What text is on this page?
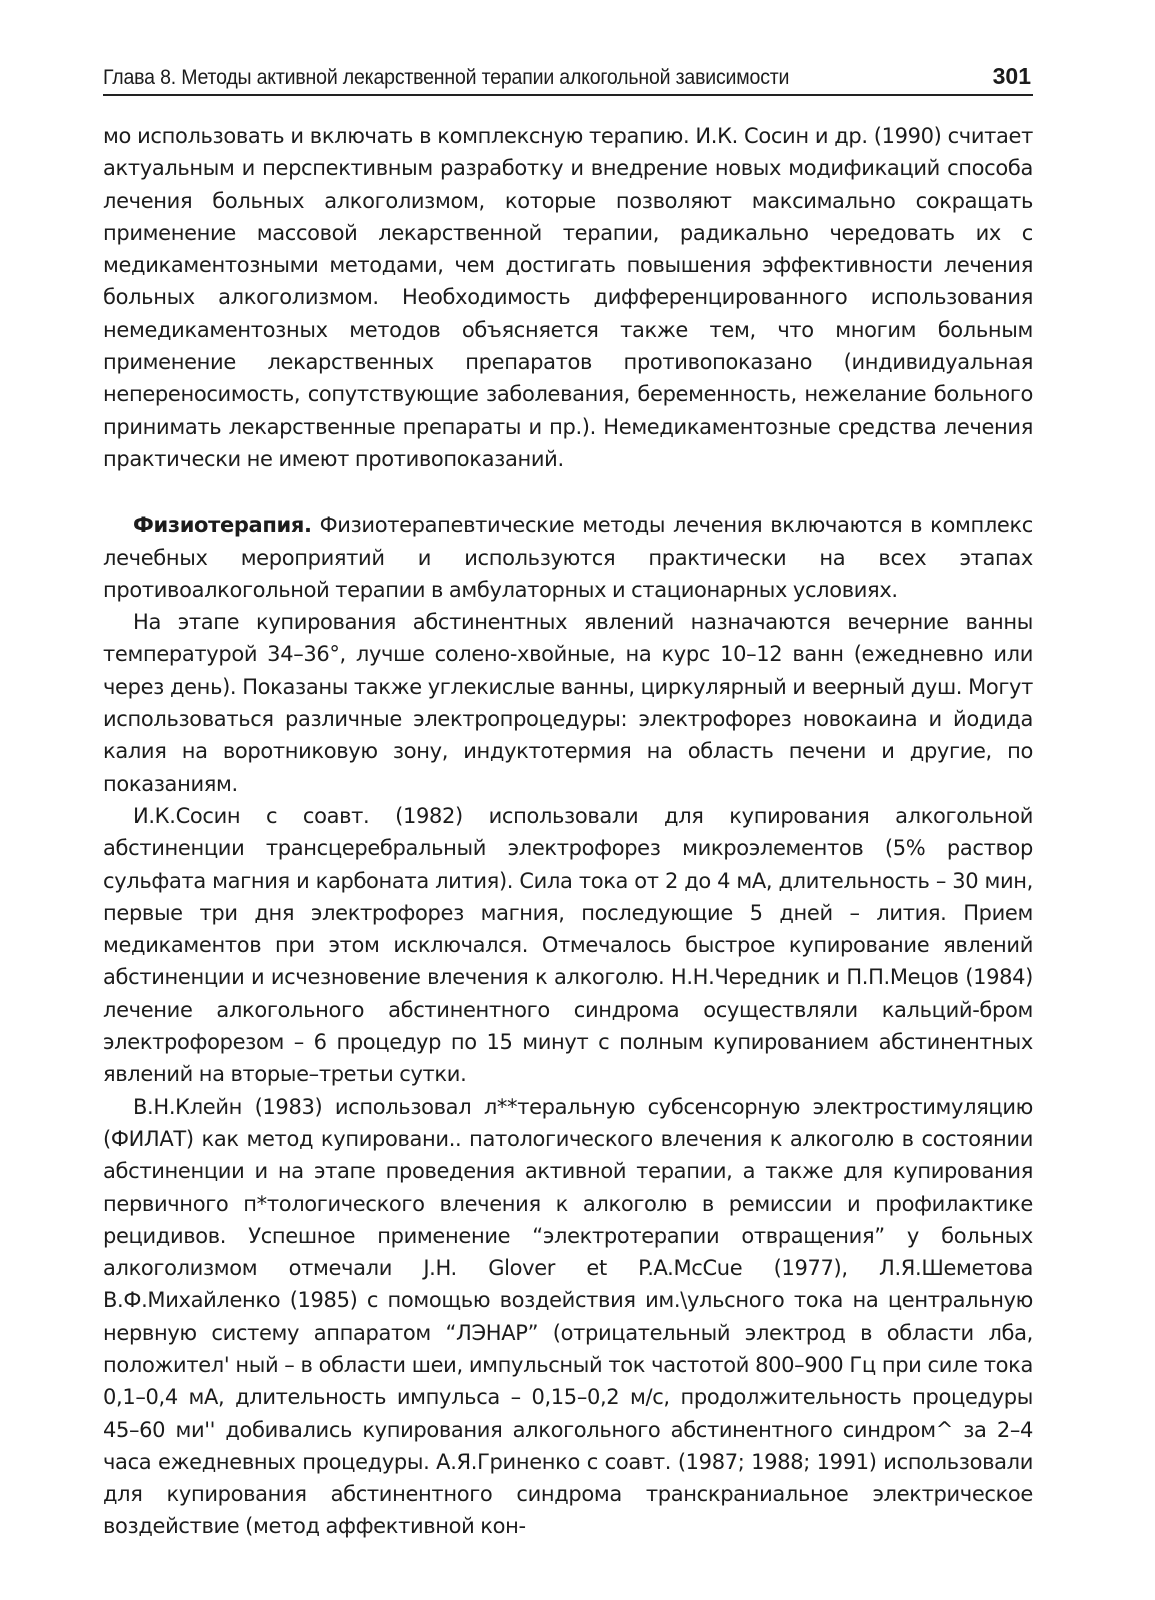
Глава 8. Методы активной лекарственной терапии алкогольной зависимости	301

мо использовать и включать в комплексную терапию. И.К. Сосин и др. (1990) считает актуальным и перспективным разработку и внедрение новых модификаций способа лечения больных алкоголизмом, которые позволяют максимально сокращать применение массовой лекарственной терапии, радикально чередовать их с медикаментозными методами, чем достигать повышения эффективности лечения больных алкоголизмом. Необходимость дифференцированного использования немедикаментозных методов объясняется также тем, что многим больным применение лекарственных препаратов противопоказано (индивидуальная непереносимость, сопутствующие заболевания, беременность, нежелание больного принимать лекарственные препараты и пр.). Немедикаментозные средства лечения практически не имеют противопоказаний.

Физиотерапия. Физиотерапевтические методы лечения включаются в комплекс лечебных мероприятий и используются практически на всех этапах противоалкогольной терапии в амбулаторных и стационарных условиях.

На этапе купирования абстинентных явлений назначаются вечерние ванны температурой 34–36°, лучше солено-хвойные, на курс 10–12 ванн (ежедневно или через день). Показаны также углекислые ванны, циркулярный и веерный душ. Могут использоваться различные электропроцедуры: электрофорез новокаина и йодида калия на воротниковую зону, индуктотермия на область печени и другие, по показаниям.

И.К.Сосин с соавт. (1982) использовали для купирования алкогольной абстиненции трансцеребральный электрофорез микроэлементов (5% раствор сульфата магния и карбоната лития). Сила тока от 2 до 4 мА, длительность – 30 мин, первые три дня электрофорез магния, последующие 5 дней – лития. Прием медикаментов при этом исключался. Отмечалось быстрое купирование явлений абстиненции и исчезновение влечения к алкоголю. Н.Н.Чередник и П.П.Мецов (1984) лечение алкогольного абстинентного синдрома осуществляли кальций-бром электрофорезом – 6 процедур по 15 минут с полным купированием абстинентных явлений на вторые–третьи сутки.

В.Н.Клейн (1983) использовал л**теральную субсенсорную электростимуляцию (ФИЛАТ) как метод купировани.. патологического влечения к алкоголю в состоянии абстиненции и на этапе проведения активной терапии, а также для купирования первичного п*тологического влечения к алкоголю в ремиссии и профилактике рецидивов. Успешное применение “электротерапии отвращения” у больных алкоголизмом отмечали J.H. Glover et P.A.McCue (1977), Л.Я.Шеметова В.Ф.Михайленко (1985) с помощью воздействия им.\ульсного тока на центральную нервную систему аппаратом “ЛЭНАР” (отрицательный электрод в области лба, положител' ный – в области шеи, импульсный ток частотой 800–900 Гц при силе тока 0,1–0,4 мА, длительность импульса – 0,15–0,2 м/с, продолжительность процедуры 45–60 ми'' добивались купирования алкогольного абстинентного синдром^ за 2–4 часа ежедневных процедуры. А.Я.Гриненко с соавт. (1987; 1988; 1991) использовали для купирования абстинентного синдрома транскраниальное электрическое воздействие (метод аффективной кон-
